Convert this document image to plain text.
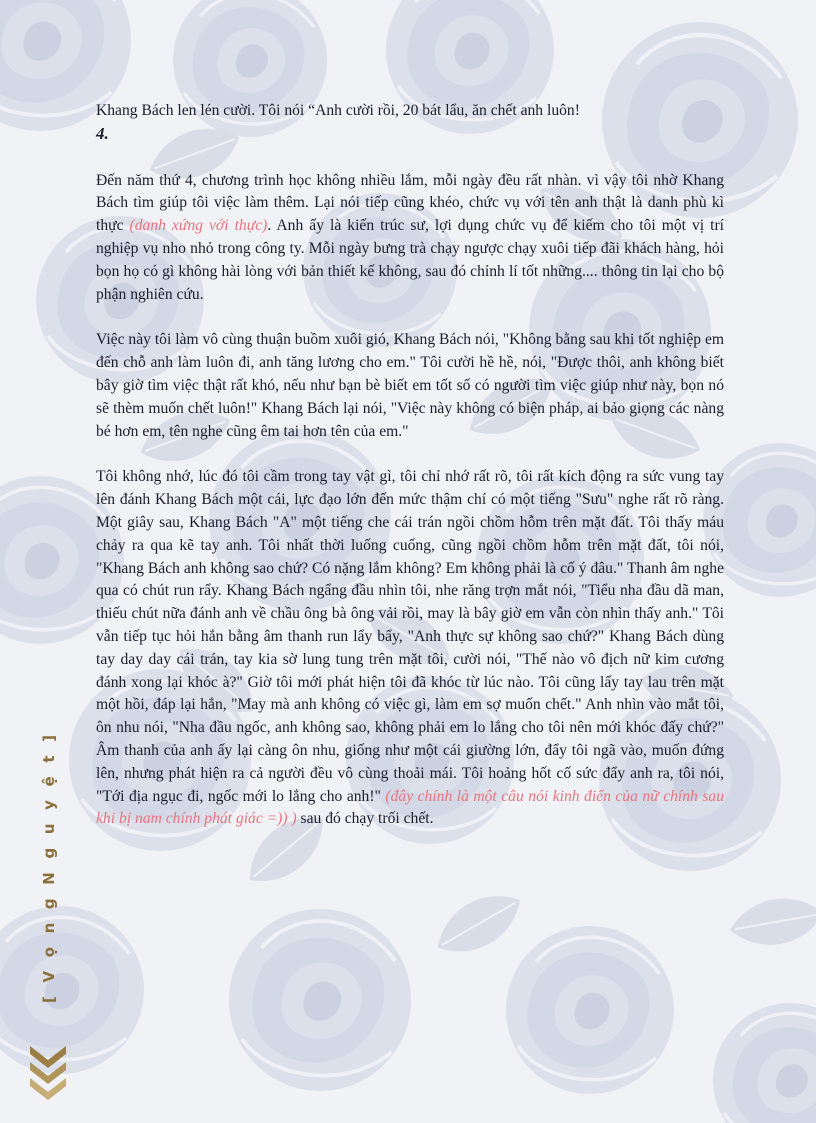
Khang Bách len lén cười. Tôi nói “Anh cười rồi, 20 bát lẩu, ăn chết anh luôn!

4.

Đến năm thứ 4, chương trình học không nhiều lắm, mỗi ngày đều rất nhàn. vì vậy tôi nhờ Khang Bách tìm giúp tôi việc làm thêm. Lại nói tiếp cũng khéo, chức vụ với tên anh thật là danh phù kì thực (danh xứng với thực). Anh ấy là kiến trúc sư, lợi dụng chức vụ để kiếm cho tôi một vị trí nghiệp vụ nho nhỏ trong công ty. Mỗi ngày bưng trà chạy ngược chạy xuôi tiếp đãi khách hàng, hỏi bọn họ có gì không hài lòng với bản thiết kế không, sau đó chỉnh lí tốt những.... thông tin lại cho bộ phận nghiên cứu.

Việc này tôi làm vô cùng thuận buồm xuôi gió, Khang Bách nói, "Không bằng sau khi tốt nghiệp em đến chỗ anh làm luôn đi, anh tăng lương cho em." Tôi cười hề hề, nói, "Được thôi, anh không biết bây giờ tìm việc thật rất khó, nếu như bạn bè biết em tốt số có người tìm việc giúp như này, bọn nó sẽ thèm muốn chết luôn!" Khang Bách lại nói, "Việc này không có biện pháp, ai bảo giọng các nàng bé hơn em, tên nghe cũng êm tai hơn tên của em."

Tôi không nhớ, lúc đó tôi cầm trong tay vật gì, tôi chỉ nhớ rất rõ, tôi rất kích động ra sức vung tay lên đánh Khang Bách một cái, lực đạo lớn đến mức thậm chí có một tiếng "Sưu" nghe rất rõ ràng. Một giây sau, Khang Bách "A" một tiếng che cái trán ngồi chồm hỗm trên mặt đất. Tôi thấy máu chảy ra qua kẽ tay anh. Tôi nhất thời luống cuống, cũng ngồi chồm hỗm trên mặt đất, tôi nói, "Khang Bách anh không sao chứ? Có nặng lắm không? Em không phải là cố ý đâu." Thanh âm nghe qua có chút run rẩy. Khang Bách ngẩng đầu nhìn tôi, nhe răng trợn mắt nói, "Tiểu nha đầu dã man, thiếu chút nữa đánh anh về chầu ông bà ông vải rồi, may là bây giờ em vẫn còn nhìn thấy anh." Tôi vẫn tiếp tục hỏi hắn bằng âm thanh run lẩy bẩy, "Anh thực sự không sao chứ?" Khang Bách dùng tay day day cái trán, tay kia sờ lung tung trên mặt tôi, cười nói, "Thế nào vô địch nữ kim cương đánh xong lại khóc à?" Giờ tôi mới phát hiện tôi đã khóc từ lúc nào. Tôi cũng lấy tay lau trên mặt một hồi, đáp lại hắn, "May mà anh không có việc gì, làm em sợ muốn chết." Anh nhìn vào mắt tôi, ôn nhu nói, "Nha đầu ngốc, anh không sao, không phải em lo lắng cho tôi nên mới khóc đấy chứ?" Âm thanh của anh ấy lại càng ôn nhu, giống như một cái giường lớn, đẩy tôi ngã vào, muốn đứng lên, nhưng phát hiện ra cả người đều vô cùng thoải mái. Tôi hoảng hốt cố sức đẩy anh ra, tôi nói, "Tới địa ngục đi, ngốc mới lo lắng cho anh!" (đây chính là một câu nói kinh điển của nữ chính sau khi bị nam chính phát giác =)) ) sau đó chạy trối chết.

[ V ọ n g N g u y ệ t ]
